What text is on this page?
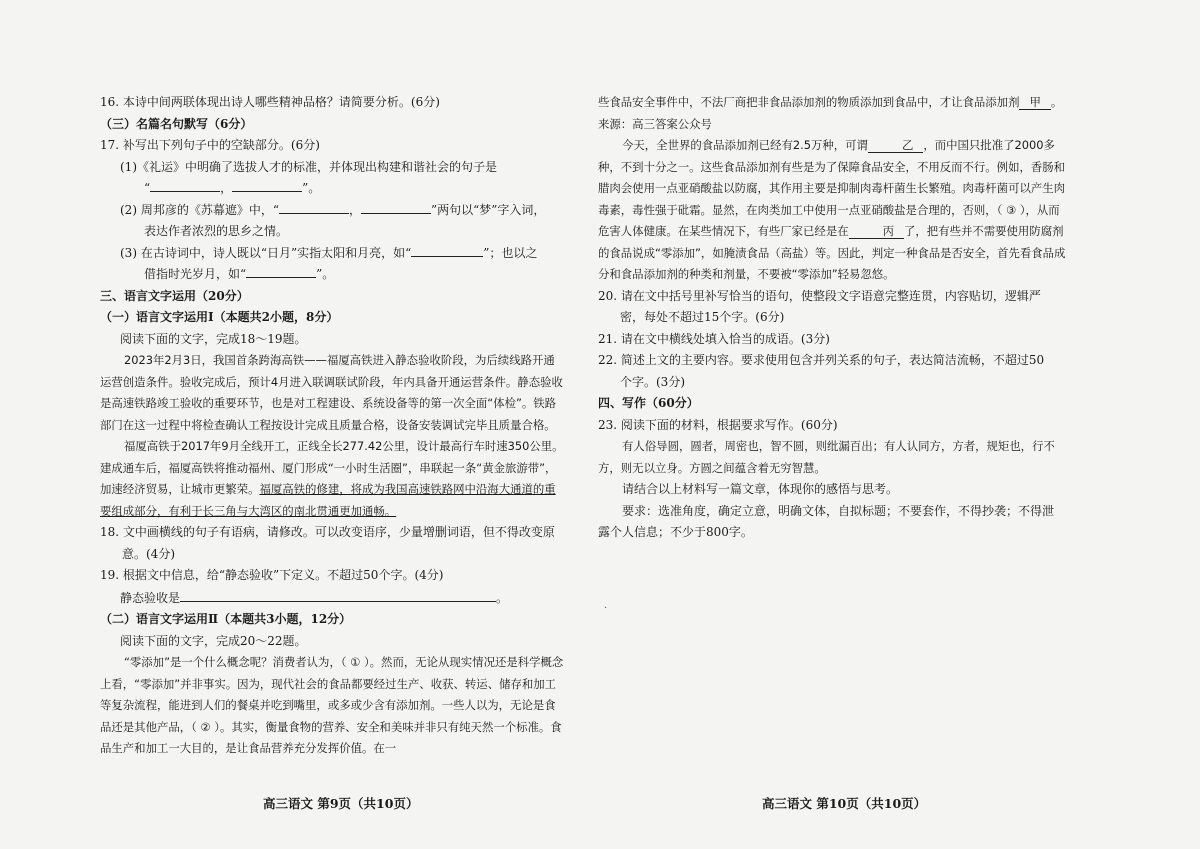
16. 本诗中间两联体现出诗人哪些精神品格？请简要分析。(6分)

（三）名篇名句默写（6分）

17. 补写出下列句子中的空缺部分。(6分)

(1)《礼运》中明确了选拔人才的标准，并体现出构建和谐社会的句子是

“	，	”。

(2) 周邦彦的《苏幕遮》中，“	，	”两句以“梦”字入词，

表达作者浓烈的思乡之情。

(3) 在古诗词中，诗人既以“日月”实指太阳和月亮，如“	”；也以之

借指时光岁月，如“	”。

三、语言文字运用（20分）

（一）语言文字运用Ⅰ（本题共2小题，8分）

阅读下面的文字，完成18～19题。

2023年2月3日，我国首条跨海高铁——福厦高铁进入静态验收阶段，为后续线路开通运营创造条件。验收完成后，预计4月进入联调联试阶段，年内具备开通运营条件。静态验收是高速铁路竣工验收的重要环节，也是对工程建设、系统设备等的第一次全面“体检”。铁路部门在这一过程中将检查确认工程按设计完成且质量合格，设备安装调试完毕且质量合格。

福厦高铁于2017年9月全线开工，正线全长277.42公里，设计最高行车时速350公里。建成通车后，福厦高铁将推动福州、厦门形成“一小时生活圈”，串联起一条“黄金旅游带”，加速经济贸易，让城市更繁荣。福厦高铁的修建，将成为我国高速铁路网中沿海大通道的重要组成部分，有利于长三角与大湾区的南北贯通更加通畅。

18. 文中画横线的句子有语病，请修改。可以改变语序，少量增删词语，但不得改变原

意。(4分)

19. 根据文中信息，给“静态验收”下定义。不超过50个字。(4分)

静态验收是	。

（二）语言文字运用Ⅱ（本题共3小题，12分）

阅读下面的文字，完成20～22题。

“零添加”是一个什么概念呢？消费者认为，（ ① ）。然而，无论从现实情况还是科学概念上看，“零添加”并非事实。因为，现代社会的食品都要经过生产、收获、转运、储存和加工等复杂流程，能进到人们的餐桌并吃到嘴里，或多或少含有添加剂。一些人以为，无论是食品还是其他产品，（ ② ）。其实，衡量食物的营养、安全和美味并非只有纯天然一个标准。食品生产和加工一大目的，是让食品营养充分发挥价值。在一

些食品安全事件中，不法厂商把非食品添加剂的物质添加到食品中，才让食品添加剂 甲 。来源：高三答案公众号

今天，全世界的食品添加剂已经有2.5万种，可谓	乙 ，而中国只批准了2000多种，不到十分之一。这些食品添加剂有些是为了保障食品安全，不用反而不行。例如，香肠和腊肉会使用一点亚硝酸盐以防腐，其作用主要是抑制肉毒杆菌生长繁殖。肉毒杆菌可以产生肉毒素，毒性强于砒霜。显然，在肉类加工中使用一点亚硝酸盐是合理的，否则，（ ③ ），从而危害人体健康。在某些情况下，有些厂家已经是在	丙 了，把有些并不需要使用防腐剂的食品说成“零添加”，如腌渍食品（高盐）等。因此，判定一种食品是否安全，首先看食品成分和食品添加剂的种类和剂量，不要被“零添加”轻易忽悠。

20. 请在文中括号里补写恰当的语句，使整段文字语意完整连贯，内容贴切，逻辑严
密，每处不超过15个字。(6分)

21. 请在文中横线处填入恰当的成语。(3分)

22. 简述上文的主要内容。要求使用包含并列关系的句子，表达简洁流畅，不超过50
个字。(3分)

四、写作（60分）

23. 阅读下面的材料，根据要求写作。(60分)

有人俗导圆，圆者，周密也，智不圆，则纰漏百出；有人认同方，方者，规矩也，行不方，则无以立身。方圆之间蕴含着无穷智慧。

请结合以上材料写一篇文章，体现你的感悟与思考。

要求：选准角度，确定立意，明确文体，自拟标题；不要套作，不得抄袭；不得泄

露个人信息；不少于800字。

·
高三语文 第9页（共10页）	高三语文 第10页（共10页）
